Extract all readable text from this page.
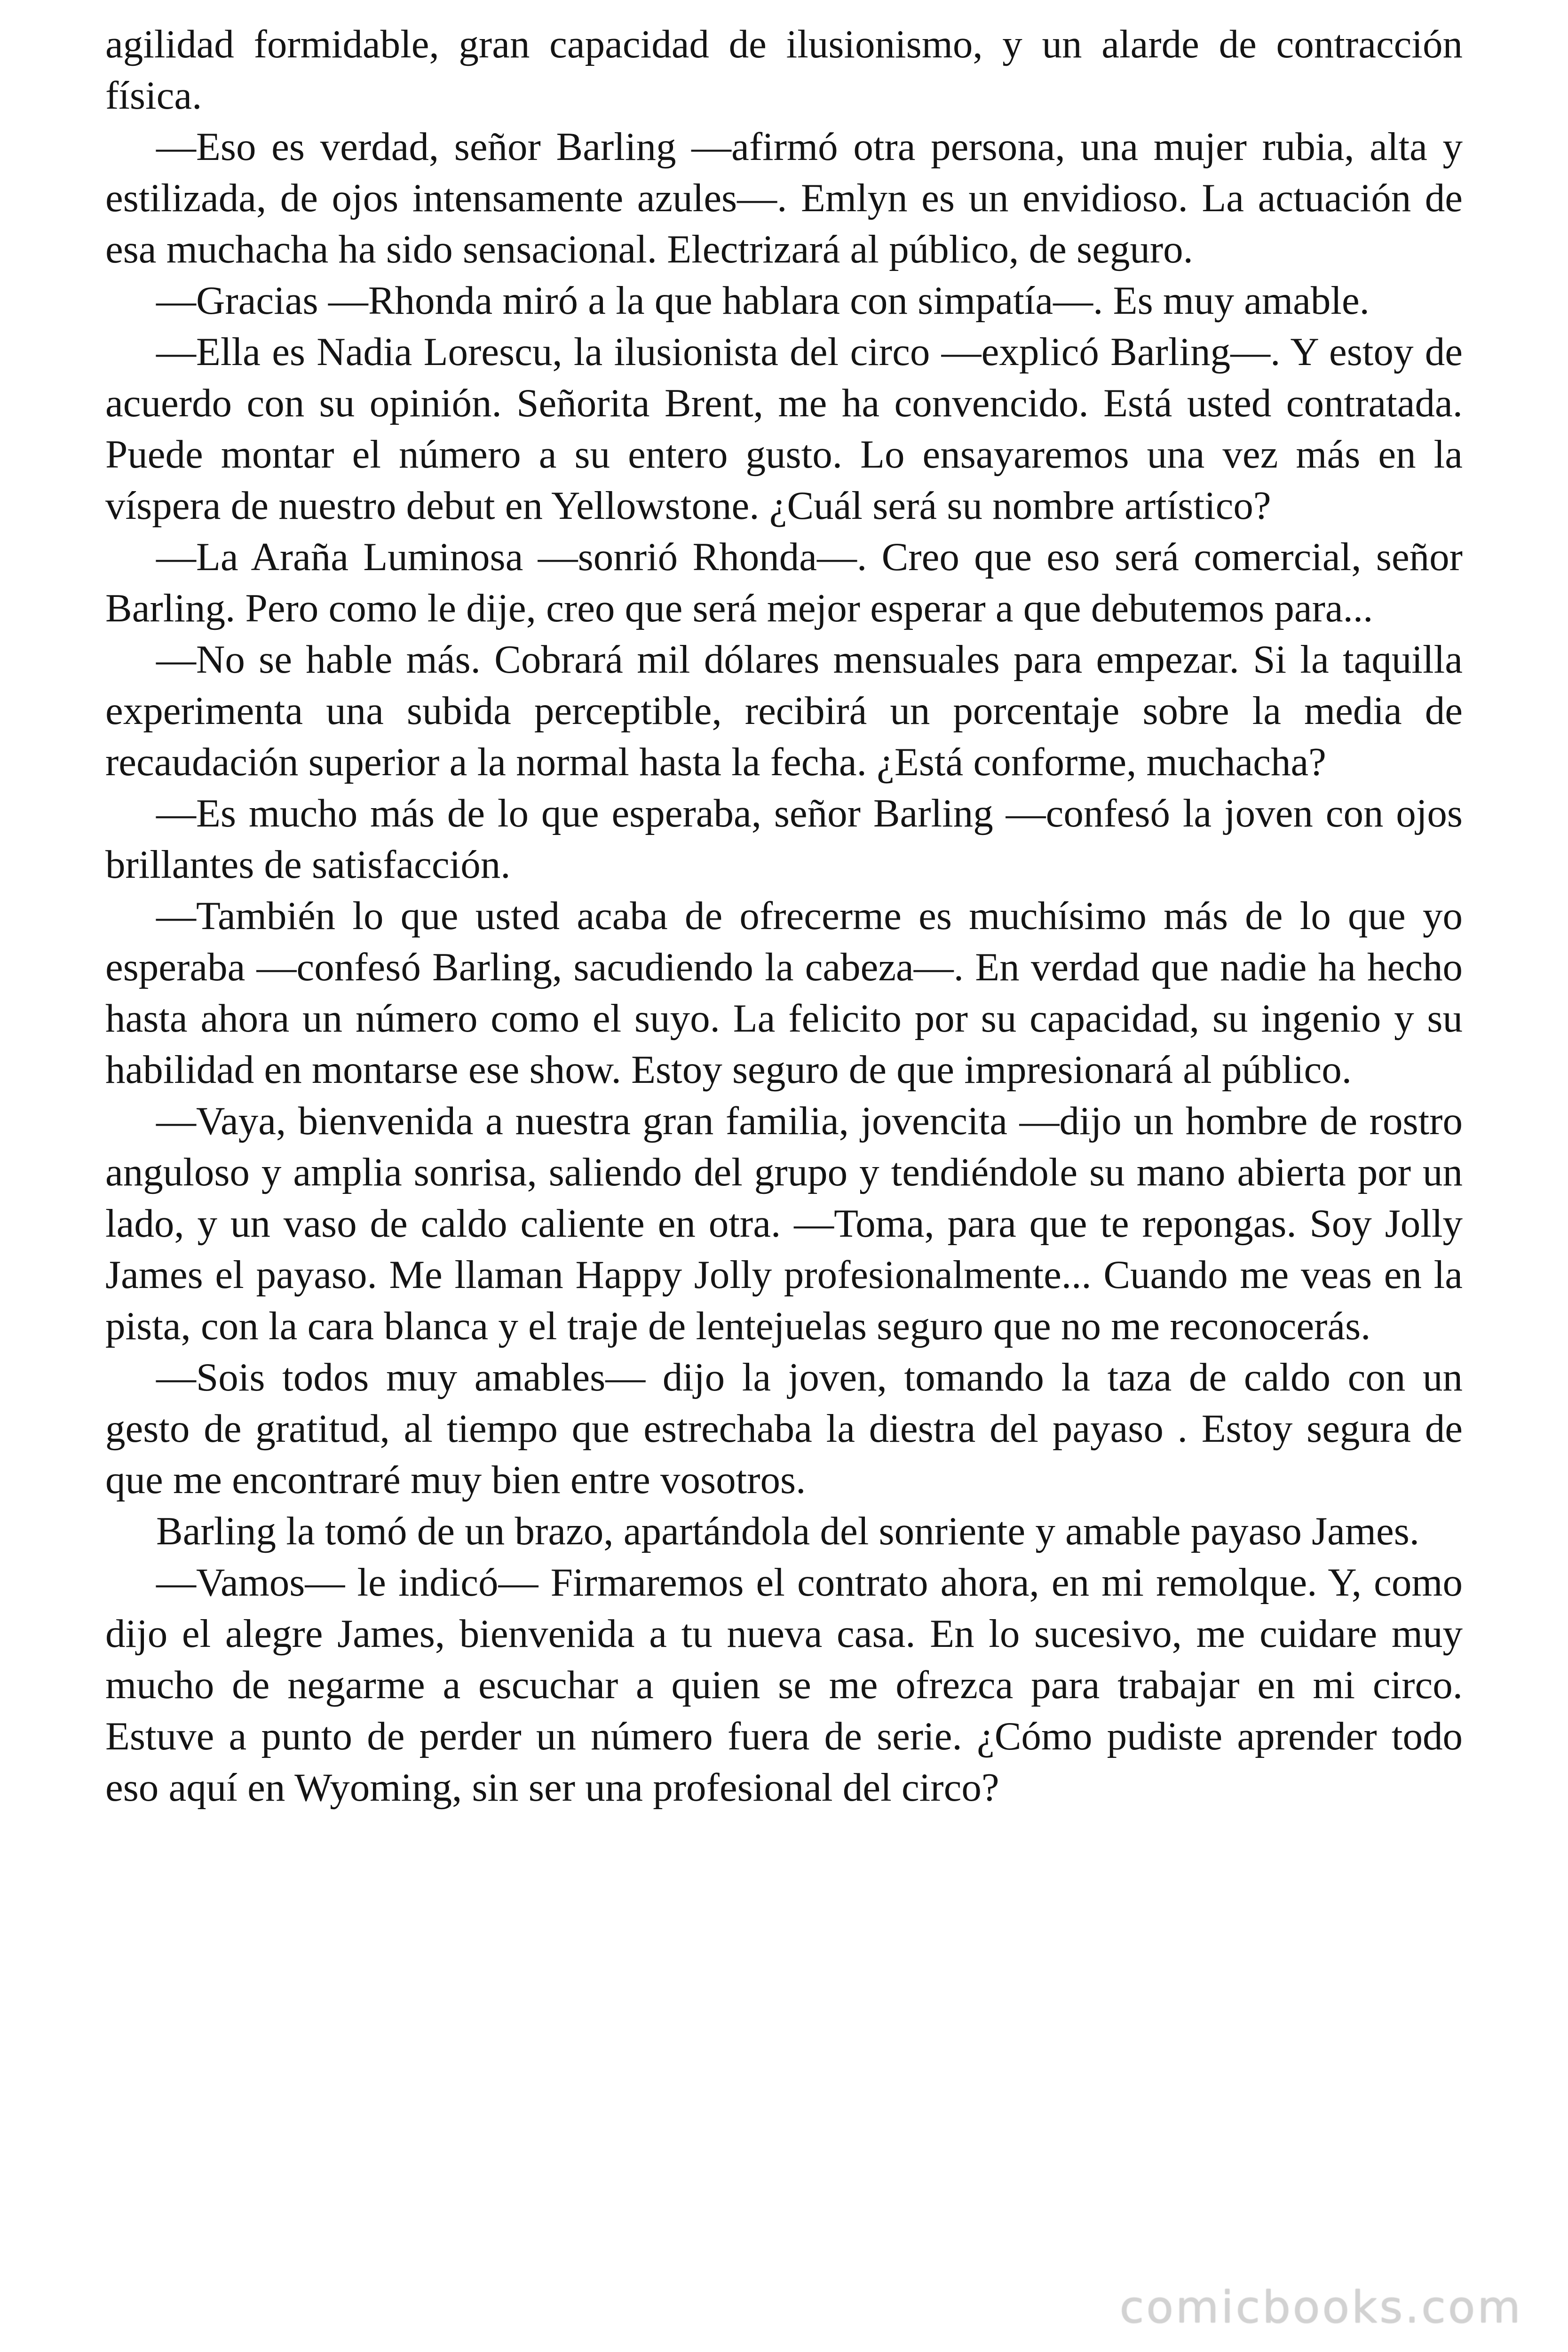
agilidad formidable, gran capacidad de ilusionismo, y un alarde de contracción física.

—Eso es verdad, señor Barling —afirmó otra persona, una mujer rubia, alta y estilizada, de ojos intensamente azules—. Emlyn es un envidioso. La actuación de esa muchacha ha sido sensacional. Electrizará al público, de seguro.

—Gracias —Rhonda miró a la que hablara con simpatía—. Es muy amable.

—Ella es Nadia Lorescu, la ilusionista del circo —explicó Barling—. Y estoy de acuerdo con su opinión. Señorita Brent, me ha convencido. Está usted contratada. Puede montar el número a su entero gusto. Lo ensayaremos una vez más en la víspera de nuestro debut en Yellowstone. ¿Cuál será su nombre artístico?

—La Araña Luminosa —sonrió Rhonda—. Creo que eso será comercial, señor Barling. Pero como le dije, creo que será mejor esperar a que debutemos para...

—No se hable más. Cobrará mil dólares mensuales para empezar. Si la taquilla experimenta una subida perceptible, recibirá un porcentaje sobre la media de recaudación superior a la normal hasta la fecha. ¿Está conforme, muchacha?

—Es mucho más de lo que esperaba, señor Barling —confesó la joven con ojos brillantes de satisfacción.

—También lo que usted acaba de ofrecerme es muchísimo más de lo que yo esperaba —confesó Barling, sacudiendo la cabeza—. En verdad que nadie ha hecho hasta ahora un número como el suyo. La felicito por su capacidad, su ingenio y su habilidad en montarse ese show. Estoy seguro de que impresionará al público.

—Vaya, bienvenida a nuestra gran familia, jovencita —dijo un hombre de rostro anguloso y amplia sonrisa, saliendo del grupo y tendiéndole su mano abierta por un lado, y un vaso de caldo caliente en otra. —Toma, para que te repongas. Soy Jolly James el payaso. Me llaman Happy Jolly profesionalmente... Cuando me veas en la pista, con la cara blanca y el traje de lentejuelas seguro que no me reconocerás.

—Sois todos muy amables— dijo la joven, tomando la taza de caldo con un gesto de gratitud, al tiempo que estrechaba la diestra del payaso . Estoy segura de que me encontraré muy bien entre vosotros.

Barling la tomó de un brazo, apartándola del sonriente y amable payaso James.

—Vamos— le indicó— Firmaremos el contrato ahora, en mi remolque. Y, como dijo el alegre James, bienvenida a tu nueva casa. En lo sucesivo, me cuidare muy mucho de negarme a escuchar a quien se me ofrezca para trabajar en mi circo. Estuve a punto de perder un número fuera de serie. ¿Cómo pudiste aprender todo eso aquí en Wyoming, sin ser una profesional del circo?

comicbooks.com
